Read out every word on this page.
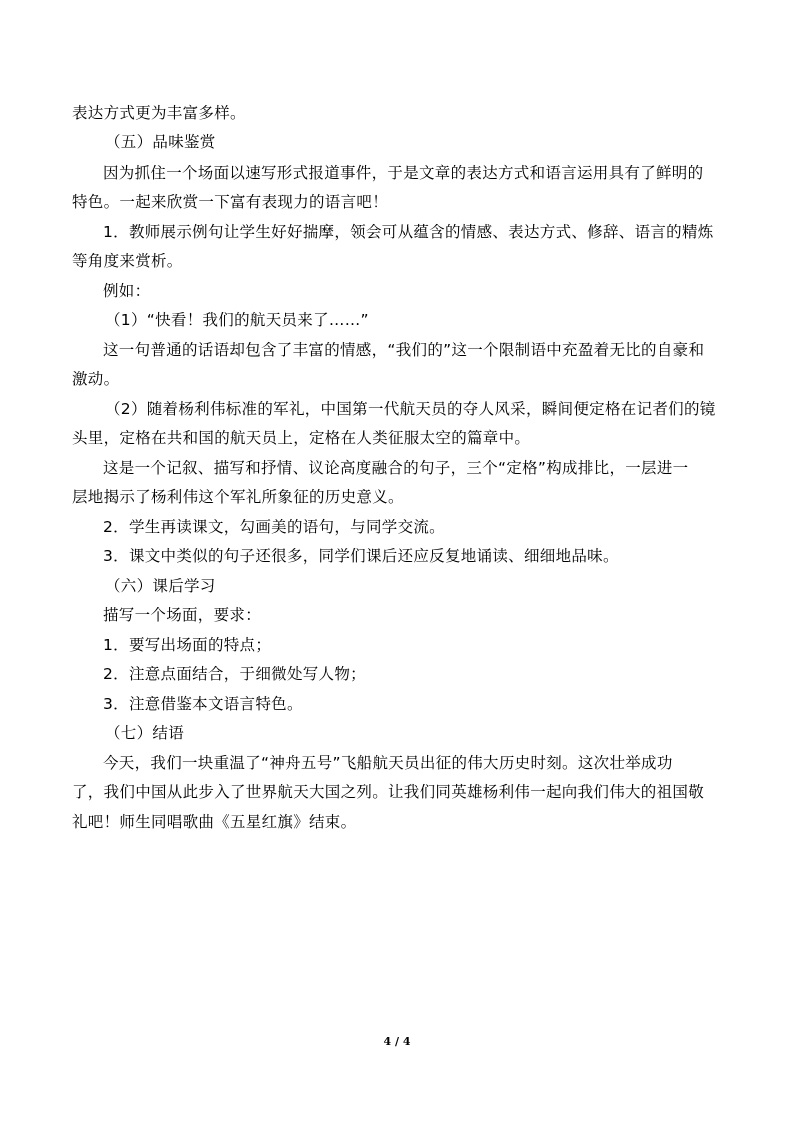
表达方式更为丰富多样。
（五）品味鉴赏
因为抓住一个场面以速写形式报道事件，于是文章的表达方式和语言运用具有了鲜明的
特色。一起来欣赏一下富有表现力的语言吧！
1．教师展示例句让学生好好揣摩，领会可从蕴含的情感、表达方式、修辞、语言的精炼
等角度来赏析。
例如：
（1）“快看！我们的航天员来了……”
这一句普通的话语却包含了丰富的情感，“我们的”这一个限制语中充盈着无比的自豪和
激动。
（2）随着杨利伟标准的军礼，中国第一代航天员的夺人风采，瞬间便定格在记者们的镜
头里，定格在共和国的航天员上，定格在人类征服太空的篇章中。
这是一个记叙、描写和抒情、议论高度融合的句子，三个“定格”构成排比，一层进一
层地揭示了杨利伟这个军礼所象征的历史意义。
2．学生再读课文，勾画美的语句，与同学交流。
3．课文中类似的句子还很多，同学们课后还应反复地诵读、细细地品味。
（六）课后学习
描写一个场面，要求：
1．要写出场面的特点；
2．注意点面结合，于细微处写人物；
3．注意借鉴本文语言特色。
（七）结语
今天，我们一块重温了“神舟五号”飞船航天员出征的伟大历史时刻。这次壮举成功
了，我们中国从此步入了世界航天大国之列。让我们同英雄杨利伟一起向我们伟大的祖国敬
礼吧！师生同唱歌曲《五星红旗》结束。
4 / 4
